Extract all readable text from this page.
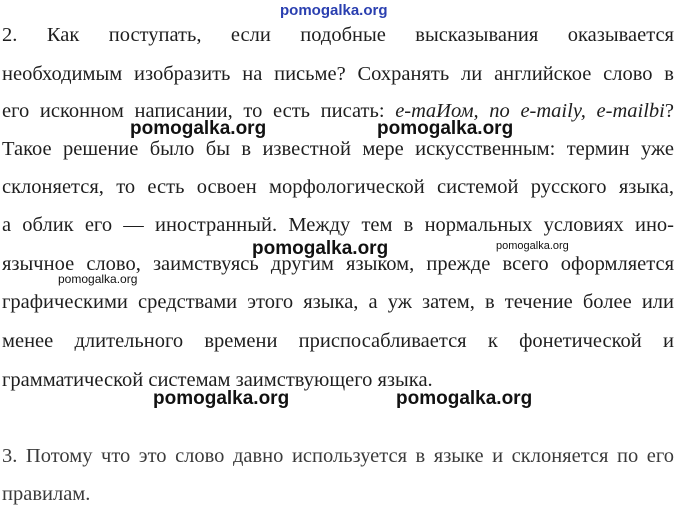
pomogalka.org
2. Как поступать, если подобные высказывания оказывается
необходимым изобразить на письме? Сохранять ли английское слово в
его исконном написании, то есть писать: e-maИом, по e-maily, e-mailbi?
pomogalka.org	pomogalka.org
Такое решение было бы в известной мере искусственным: термин уже
склоняется, то есть освоен морфологической системой русского языка,
а облик его — иностранный. Между тем в нормальных условиях ино-
pomogalka.org	pomogalka.org
язычное слово, заимствуясь другим языком, прежде всего оформляется
pomogalka.org
графическими средствами этого языка, а уж затем, в течение более или
менее длительного времени приспосабливается к фонетической и
грамматической системам заимствующего языка.
pomogalka.org	pomogalka.org
3. Потому что это слово давно используется в языке и склоняется по его
правилам.
